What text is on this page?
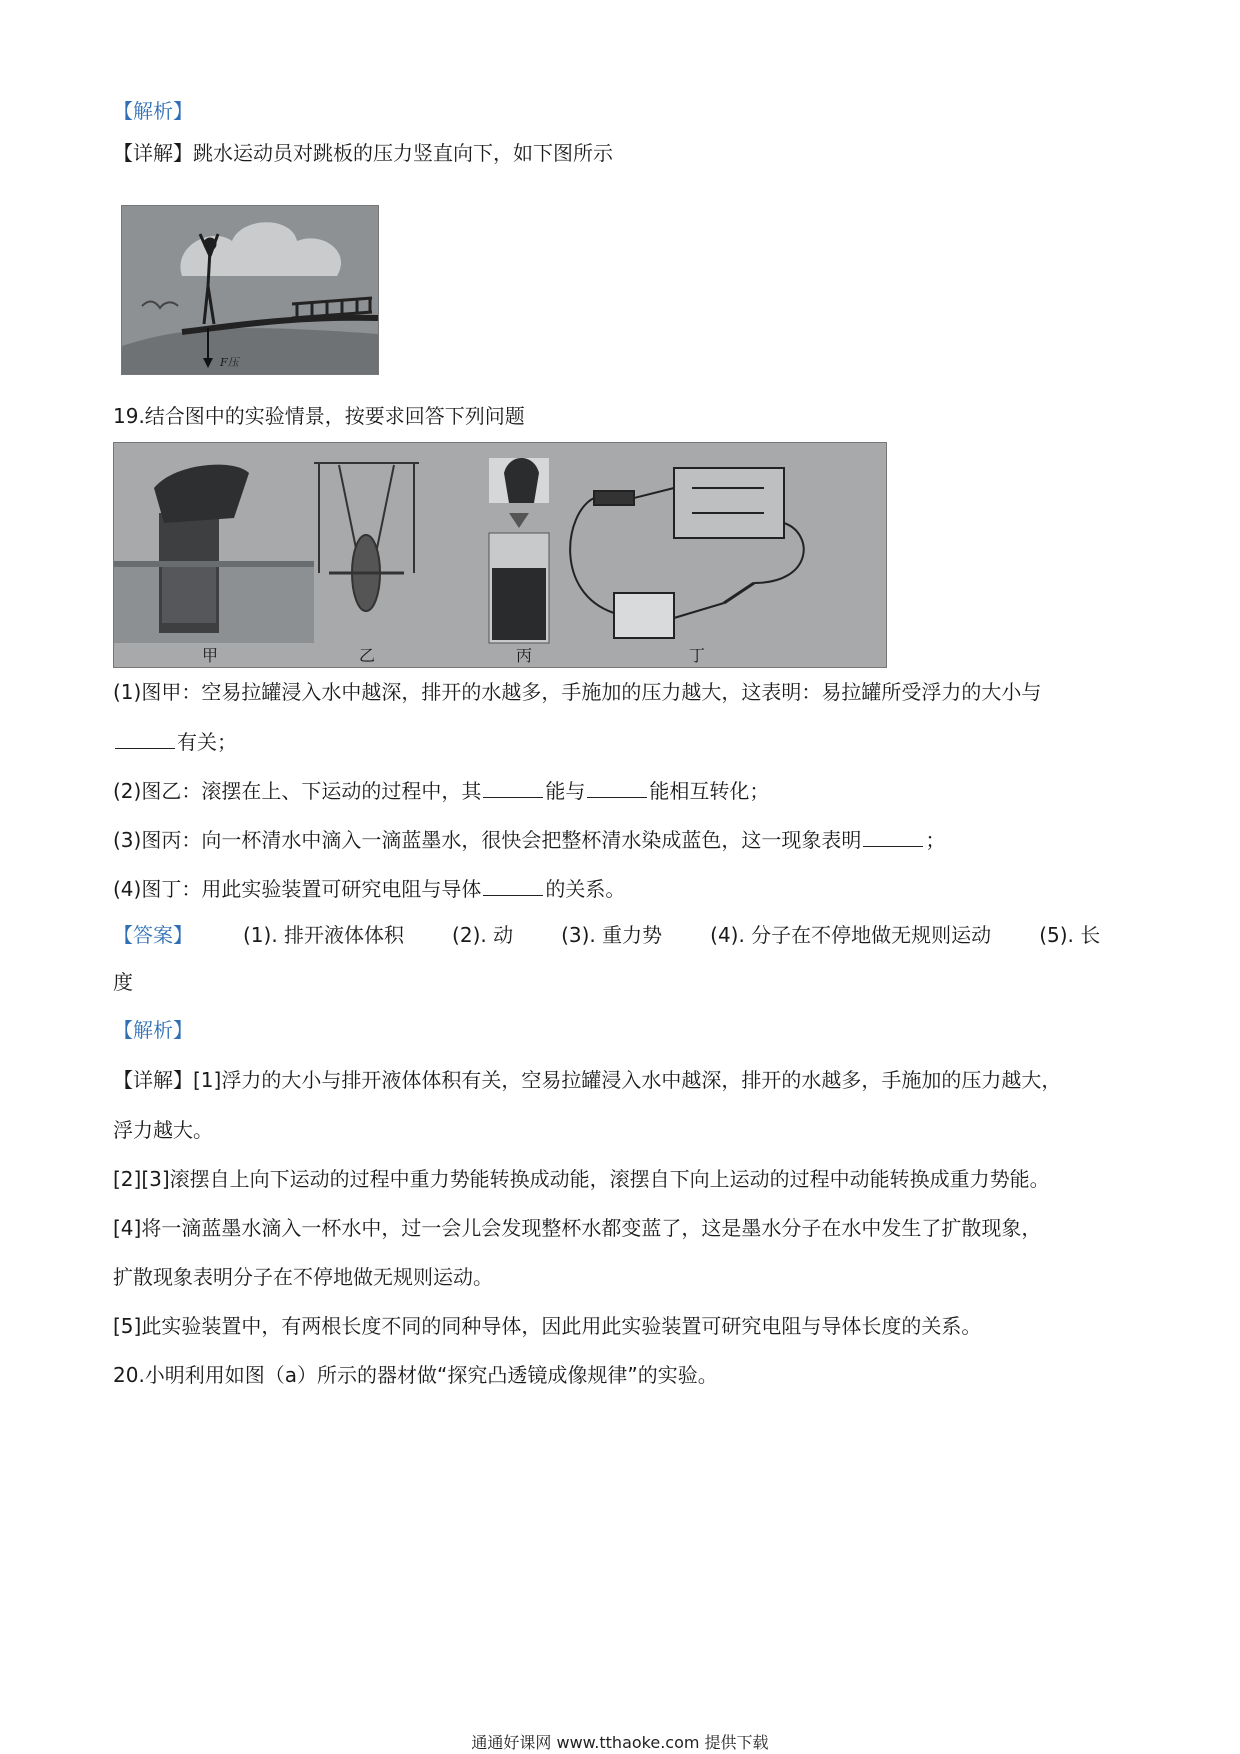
【解析】
【详解】跳水运动员对跳板的压力竖直向下，如下图所示
F压
19.结合图中的实验情景，按要求回答下列问题
甲	乙	丙	丁
(1)图甲：空易拉罐浸入水中越深，排开的水越多，手施加的压力越大，这表明：易拉罐所受浮力的大小与
有关；
(2)图乙：滚摆在上、下运动的过程中，其	能与	能相互转化；
(3)图丙：向一杯清水中滴入一滴蓝墨水，很快会把整杯清水染成蓝色，这一现象表明	；
(4)图丁：用此实验装置可研究电阻与导体	的关系。
【答案】	(1). 排开液体体积 (2). 动 (3). 重力势 (4). 分子在不停地做无规则运动 (5). 长
度
【解析】
【详解】[1]浮力的大小与排开液体体积有关，空易拉罐浸入水中越深，排开的水越多，手施加的压力越大，
浮力越大。
[2][3]滚摆自上向下运动的过程中重力势能转换成动能，滚摆自下向上运动的过程中动能转换成重力势能。
[4]将一滴蓝墨水滴入一杯水中，过一会儿会发现整杯水都变蓝了，这是墨水分子在水中发生了扩散现象，
扩散现象表明分子在不停地做无规则运动。
[5]此实验装置中，有两根长度不同的同种导体，因此用此实验装置可研究电阻与导体长度的关系。
20.小明利用如图（a）所示的器材做“探究凸透镜成像规律”的实验。
通通好课网 www.tthaoke.com 提供下载
